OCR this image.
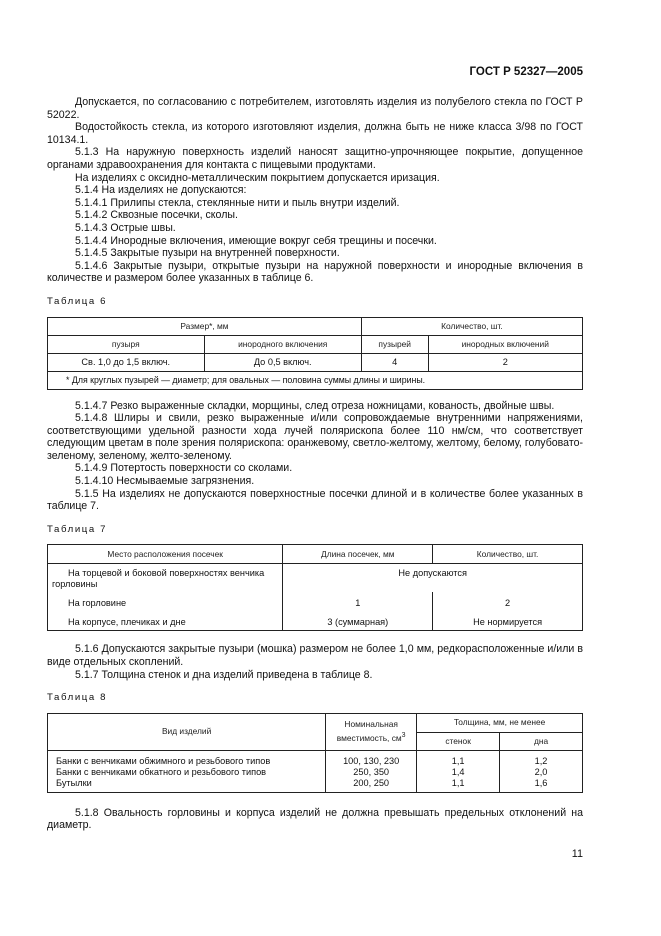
ГОСТ Р 52327—2005

Допускается, по согласованию с потребителем, изготовлять изделия из полубелого стекла по ГОСТ Р 52022.

Водостойкость стекла, из которого изготовляют изделия, должна быть не ниже класса 3/98 по ГОСТ 10134.1.

5.1.3 На наружную поверхность изделий наносят защитно-упрочняющее покрытие, допущенное органами здравоохранения для контакта с пищевыми продуктами.

На изделиях с оксидно-металлическим покрытием допускается иризация.

5.1.4 На изделиях не допускаются:

5.1.4.1 Прилипы стекла, стеклянные нити и пыль внутри изделий.

5.1.4.2 Сквозные посечки, сколы.

5.1.4.3 Острые швы.

5.1.4.4 Инородные включения, имеющие вокруг себя трещины и посечки.

5.1.4.5 Закрытые пузыри на внутренней поверхности.

5.1.4.6 Закрытые пузыри, открытые пузыри на наружной поверхности и инородные включения в количестве и размером более указанных в таблице 6.

Таблица 6

Размер*, мм		Количество, шт.	
пузыря	инородного включения	пузырей	инородных включений
Св. 1,0 до 1,5 включ.	До 0,5 включ.	4	2
* Для круглых пузырей — диаметр; для овальных — половина суммы длины и ширины.			

5.1.4.7 Резко выраженные складки, морщины, след отреза ножницами, кованость, двойные швы.

5.1.4.8 Шлиры и свили, резко выраженные и/или сопровождаемые внутренними напряжениями, соответствующими удельной разности хода лучей полярископа более 110 нм/см, что соответствует следующим цветам в поле зрения полярископа: оранжевому, светло-желтому, желтому, белому, голубовато-зеленому, зеленому, желто-зеленому.

5.1.4.9 Потертость поверхности со сколами.

5.1.4.10 Несмываемые загрязнения.

5.1.5 На изделиях не допускаются поверхностные посечки длиной и в количестве более указанных в таблице 7.

Таблица 7

Место расположения посечек	Длина посечек, мм	Количество, шт.
На торцевой и боковой поверхностях венчика горловины	Не допускаются	
На горловине	1	2
На корпусе, плечиках и дне	3 (суммарная)	Не нормируется

5.1.6 Допускаются закрытые пузыри (мошка) размером не более 1,0 мм, редкорасположенные и/или в виде отдельных скоплений.

5.1.7 Толщина стенок и дна изделий приведена в таблице 8.

Таблица 8

Вид изделий	Номинальная вместимость, $см^3$	Толщина, мм, не менее	
		стенок	дна
Банки с венчиками обжимного и резьбового типов	100, 130, 230	1,1	1,2
Банки с венчиками обкатного и резьбового типов	250, 350	1,4	2,0
Бутылки	200, 250	1,1	1,6

5.1.8 Овальность горловины и корпуса изделий не должна превышать предельных отклонений на диаметр.

11
